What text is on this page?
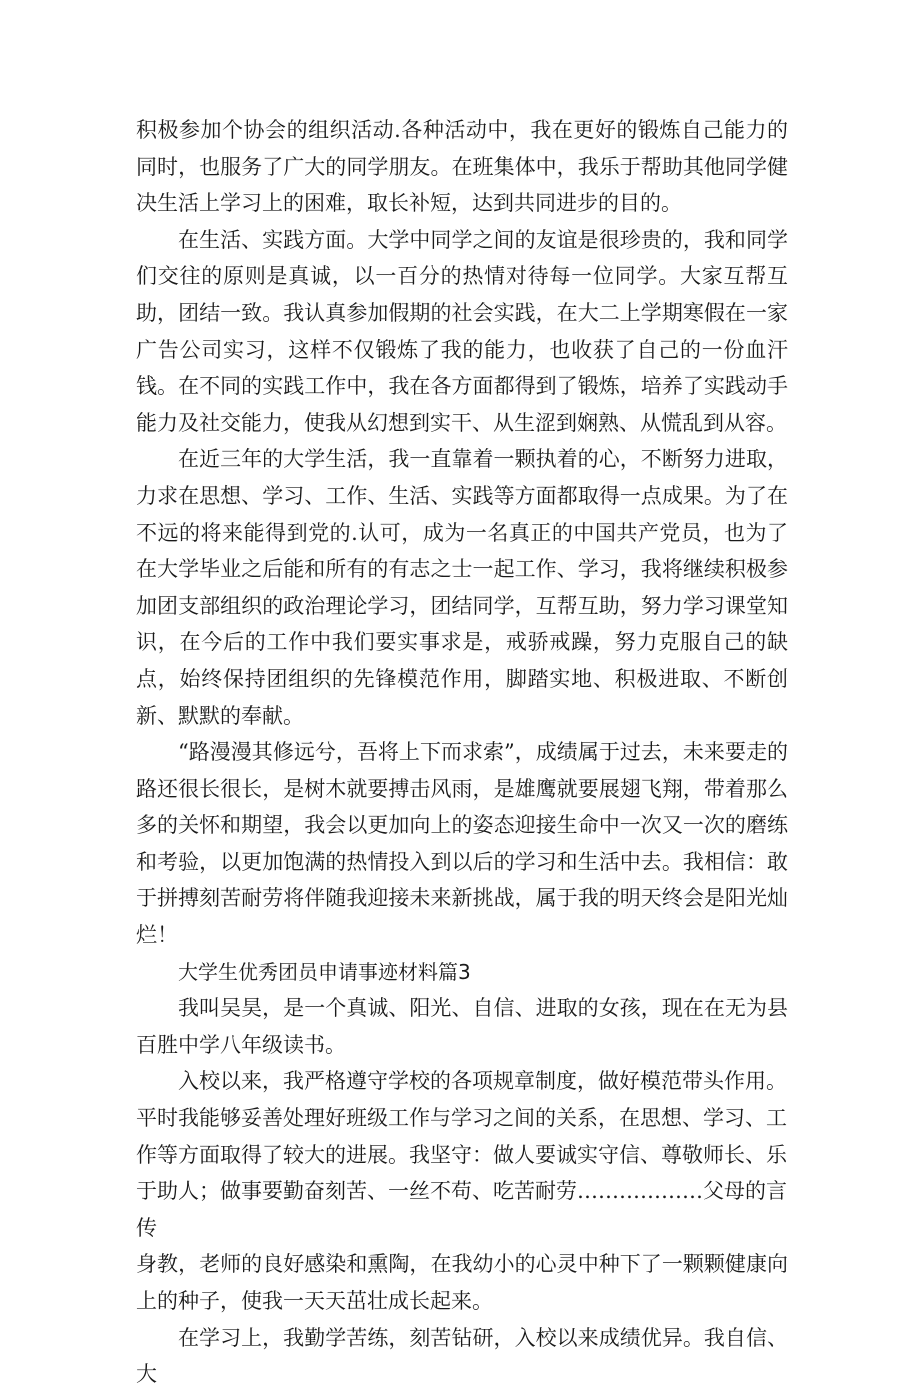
积极参加个协会的组织活动.各种活动中，我在更好的锻炼自己能力的同时，也服务了广大的同学朋友。在班集体中，我乐于帮助其他同学健决生活上学习上的困难，取长补短，达到共同进步的目的。

在生活、实践方面。大学中同学之间的友谊是很珍贵的，我和同学们交往的原则是真诚，以一百分的热情对待每一位同学。大家互帮互助，团结一致。我认真参加假期的社会实践，在大二上学期寒假在一家广告公司实习，这样不仅锻炼了我的能力，也收获了自己的一份血汗钱。在不同的实践工作中，我在各方面都得到了锻炼，培养了实践动手能力及社交能力，使我从幻想到实干、从生涩到娴熟、从慌乱到从容。

在近三年的大学生活，我一直靠着一颗执着的心，不断努力进取，力求在思想、学习、工作、生活、实践等方面都取得一点成果。为了在不远的将来能得到党的.认可，成为一名真正的中国共产党员，也为了在大学毕业之后能和所有的有志之士一起工作、学习，我将继续积极参加团支部组织的政治理论学习，团结同学，互帮互助，努力学习课堂知识，在今后的工作中我们要实事求是，戒骄戒躁，努力克服自己的缺点，始终保持团组织的先锋模范作用，脚踏实地、积极进取、不断创新、默默的奉献。

“路漫漫其修远兮，吾将上下而求索”，成绩属于过去，未来要走的路还很长很长，是树木就要搏击风雨，是雄鹰就要展翅飞翔，带着那么多的关怀和期望，我会以更加向上的姿态迎接生命中一次又一次的磨练和考验，以更加饱满的热情投入到以后的学习和生活中去。我相信：敢于拼搏刻苦耐劳将伴随我迎接未来新挑战，属于我的明天终会是阳光灿烂！

大学生优秀团员申请事迹材料篇3

我叫吴昊，是一个真诚、阳光、自信、进取的女孩，现在在无为县百胜中学八年级读书。

入校以来，我严格遵守学校的各项规章制度，做好模范带头作用。平时我能够妥善处理好班级工作与学习之间的关系，在思想、学习、工作等方面取得了较大的进展。我坚守：做人要诚实守信、尊敬师长、乐于助人；做事要勤奋刻苦、一丝不苟、吃苦耐劳………………父母的言传

身教，老师的良好感染和熏陶，在我幼小的心灵中种下了一颗颗健康向上的种子，使我一天天茁壮成长起来。

在学习上，我勤学苦练，刻苦钻研，入校以来成绩优异。我自信、大
